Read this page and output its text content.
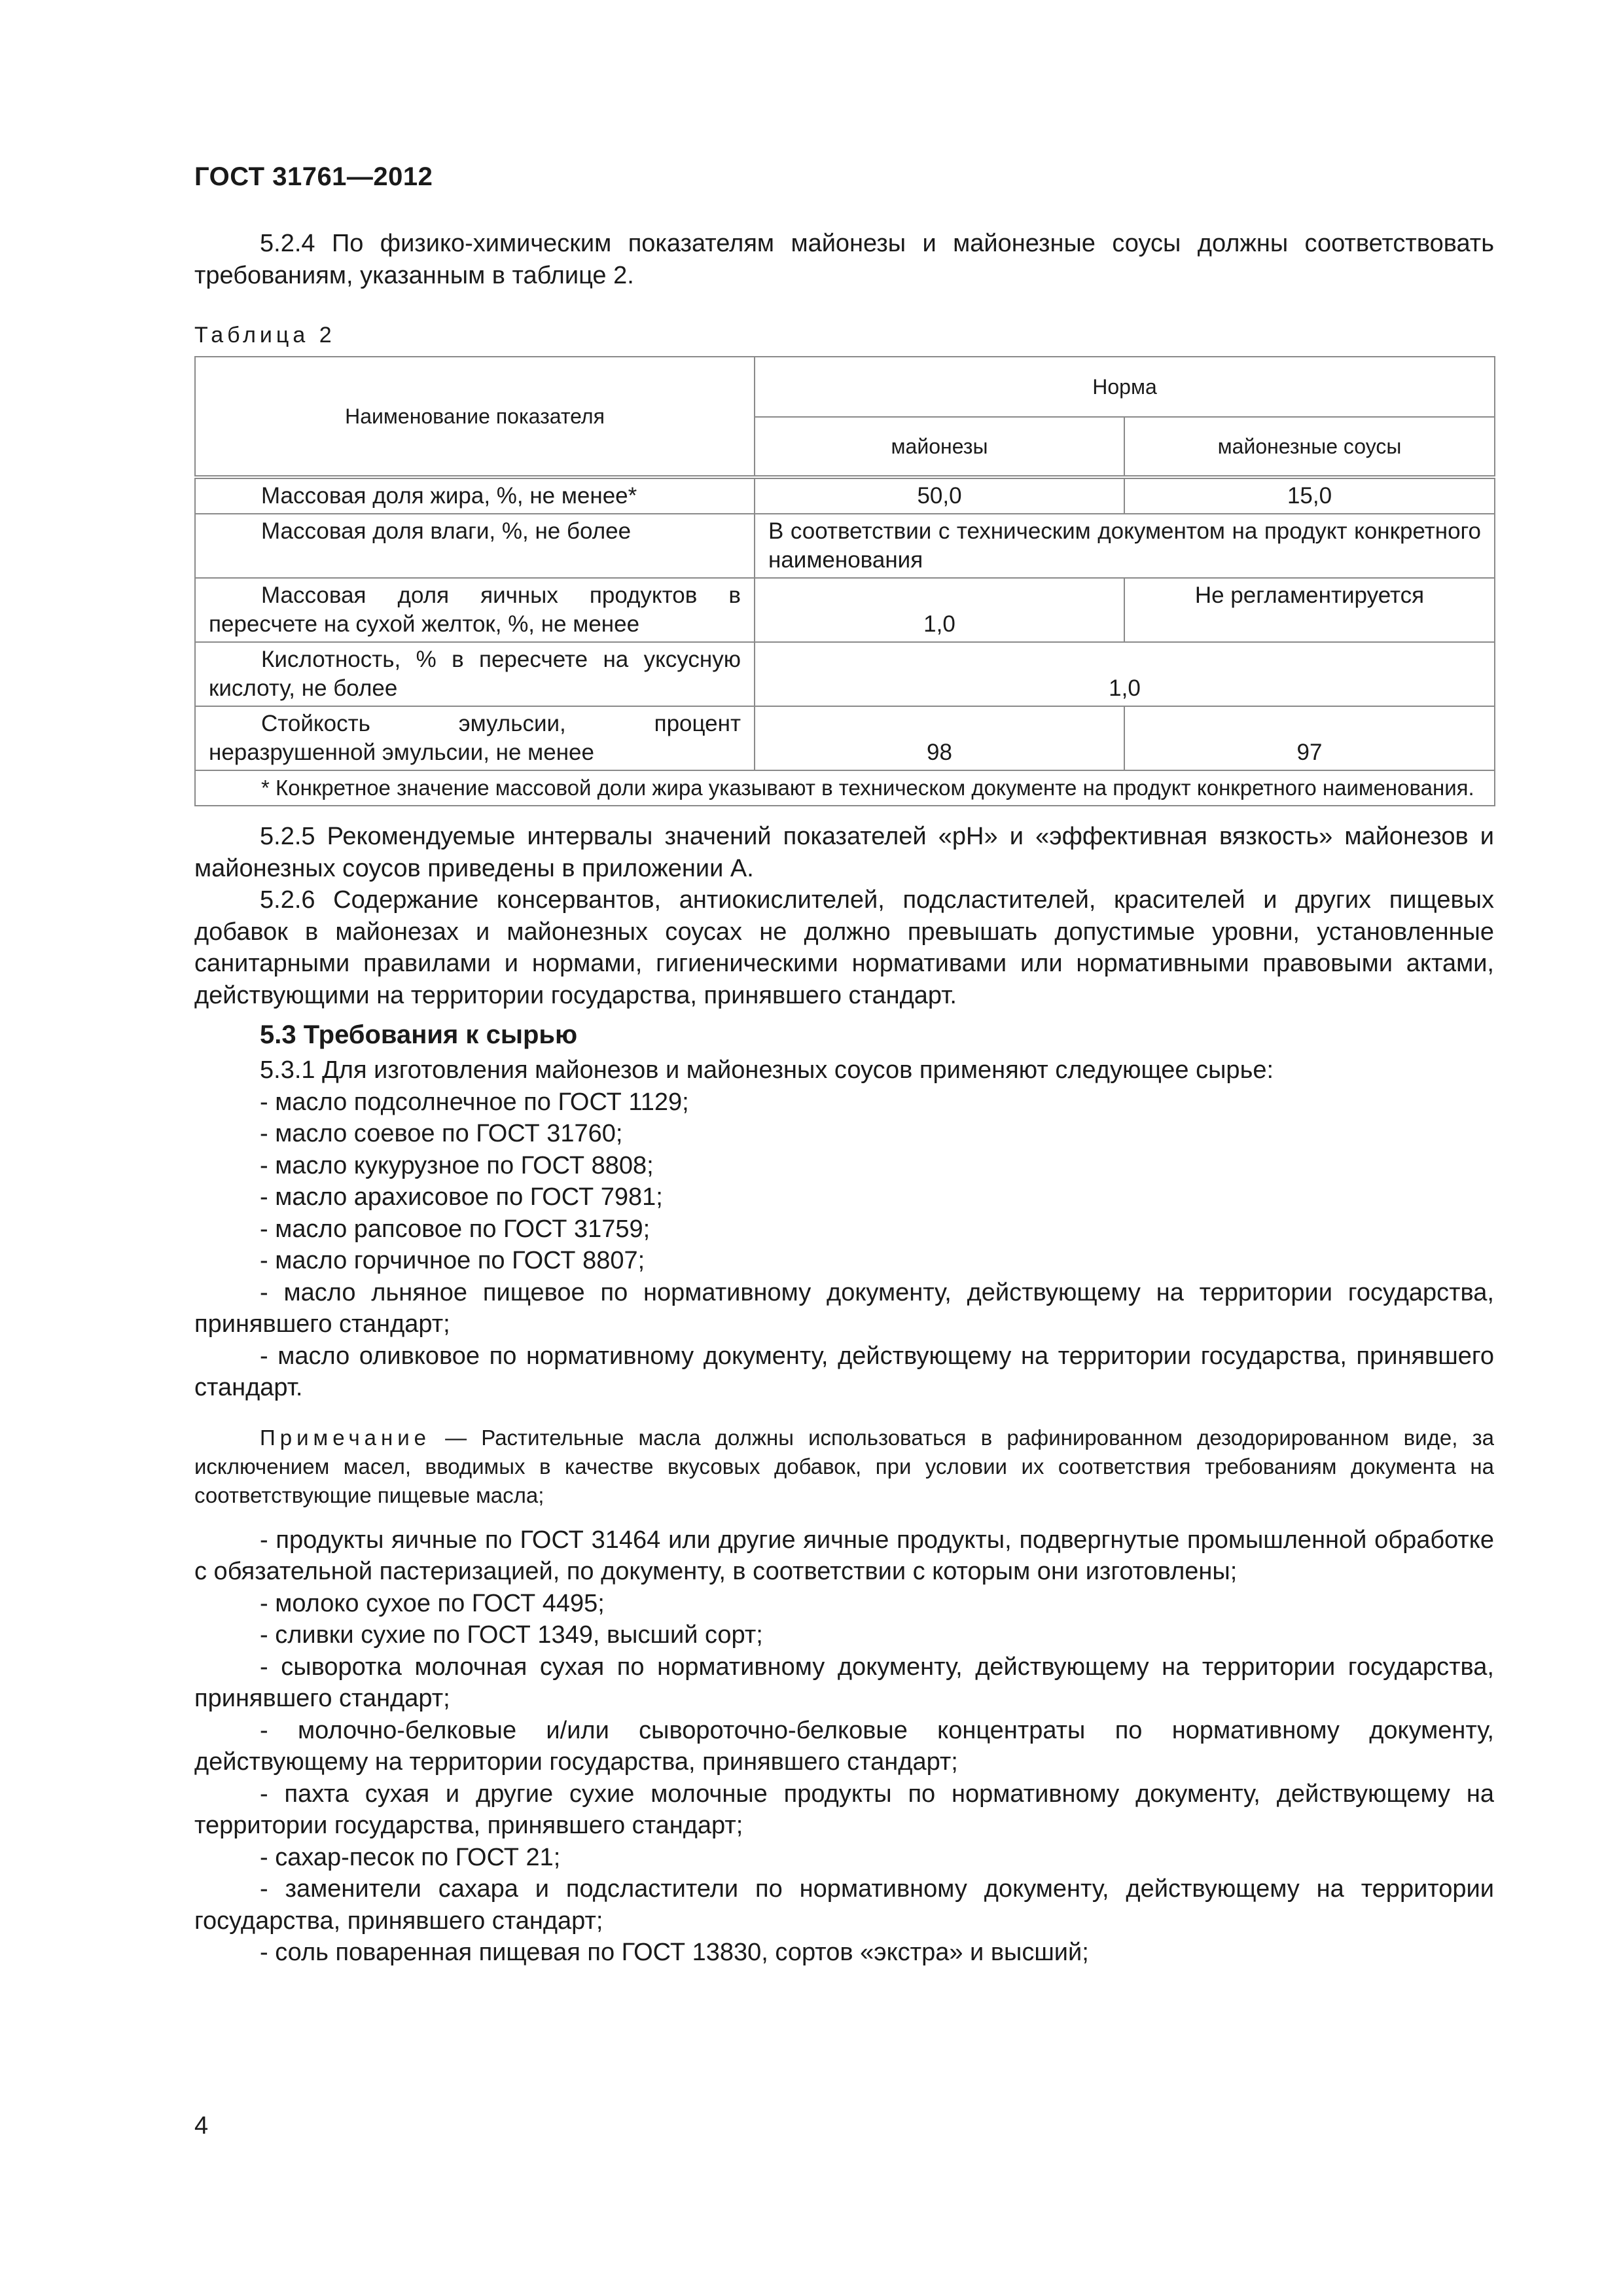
ГОСТ 31761—2012

5.2.4 По физико-химическим показателям майонезы и майонезные соусы должны соответствовать требованиям, указанным в таблице 2.

Таблица 2
Наименование показателя	Норма	
	майонезы	майонезные соусы
Массовая доля жира, %, не менее*	50,0	15,0
Массовая доля влаги, %, не более	В соответствии с техническим документом на продукт конкретного наименования	
Массовая доля яичных продуктов в пересчете на сухой желток, %, не менее	1,0	Не регламентируется
Кислотность, % в пересчете на уксусную кислоту, не более	1,0	
Стойкость эмульсии, процент неразрушенной эмульсии, не менее	98	97
* Конкретное значение массовой доли жира указывают в техническом документе на продукт конкретного наименования.		

5.2.5 Рекомендуемые интервалы значений показателей «рН» и «эффективная вязкость» майонезов и майонезных соусов приведены в приложении А.

5.2.6 Содержание консервантов, антиокислителей, подсластителей, красителей и других пищевых добавок в майонезах и майонезных соусах не должно превышать допустимые уровни, установленные санитарными правилами и нормами, гигиеническими нормативами или нормативными правовыми актами, действующими на территории государства, принявшего стандарт.

5.3 Требования к сырью

5.3.1 Для изготовления майонезов и майонезных соусов применяют следующее сырье:

- масло подсолнечное по ГОСТ 1129;

- масло соевое по ГОСТ 31760;

- масло кукурузное по ГОСТ 8808;

- масло арахисовое по ГОСТ 7981;

- масло рапсовое по ГОСТ 31759;

- масло горчичное по ГОСТ 8807;

- масло льняное пищевое по нормативному документу, действующему на территории государства, принявшего стандарт;

- масло оливковое по нормативному документу, действующему на территории государства, принявшего стандарт.

Примечание — Растительные масла должны использоваться в рафинированном дезодорированном виде, за исключением масел, вводимых в качестве вкусовых добавок, при условии их соответствия требованиям документа на соответствующие пищевые масла;

- продукты яичные по ГОСТ 31464 или другие яичные продукты, подвергнутые промышленной обработке с обязательной пастеризацией, по документу, в соответствии с которым они изготовлены;

- молоко сухое по ГОСТ 4495;

- сливки сухие по ГОСТ 1349, высший сорт;

- сыворотка молочная сухая по нормативному документу, действующему на территории государства, принявшего стандарт;

- молочно-белковые и/или сывороточно-белковые концентраты по нормативному документу, действующему на территории государства, принявшего стандарт;

- пахта сухая и другие сухие молочные продукты по нормативному документу, действующему на территории государства, принявшего стандарт;

- сахар-песок по ГОСТ 21;

- заменители сахара и подсластители по нормативному документу, действующему на территории государства, принявшего стандарт;

- соль поваренная пищевая по ГОСТ 13830, сортов «экстра» и высший;

4
